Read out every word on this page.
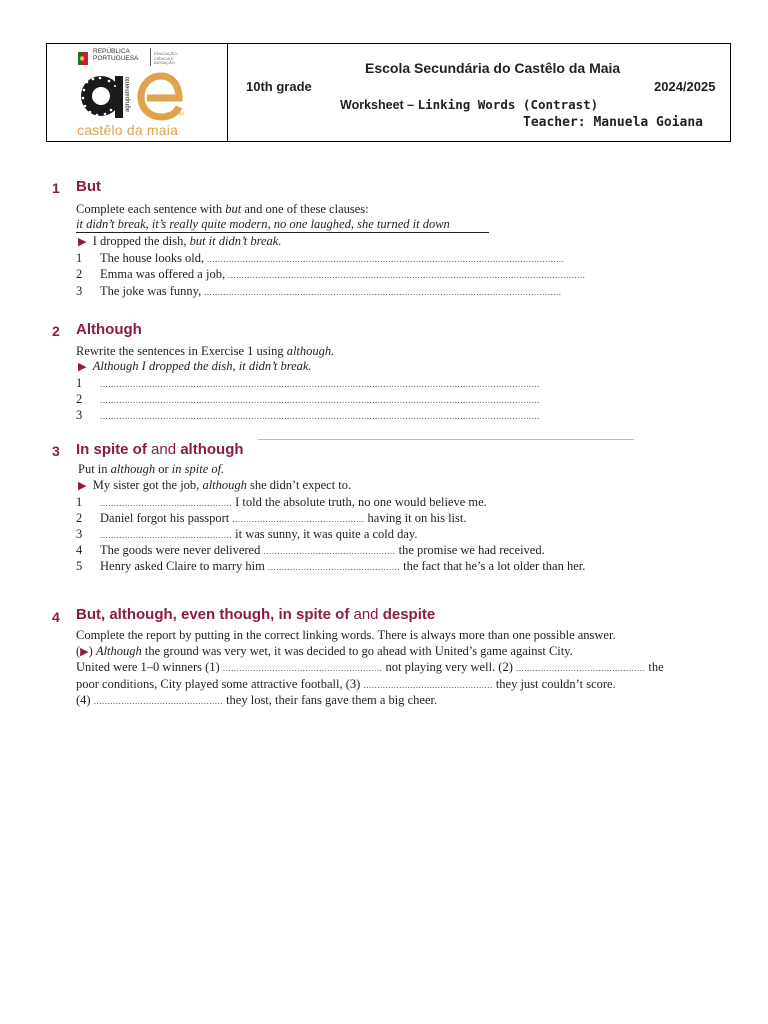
REPÚBLICA
PORTUGUESA
EDUCAÇÃO, CIÊNCIA E INOVAÇÃO
agrupamento
escolas
castêlo da maia
Escola Secundária do Castêlo da Maia
10th grade	2024/2025
Worksheet – Linking Words (Contrast)
Teacher: Manuela Goiana
1 But
Complete each sentence with but and one of these clauses:
it didn’t break, it’s really quite modern, no one laughed, she turned it down
▶ I dropped the dish, but it didn’t break.
1 The house looks old, ..................................................................................................................................
2 Emma was offered a job, ..................................................................................................................................
3 The joke was funny, ..................................................................................................................................
2 Although
Rewrite the sentences in Exercise 1 using although.
▶ Although I dropped the dish, it didn’t break.
1 ................................................................................................................................................................
2 ................................................................................................................................................................
3 ................................................................................................................................................................
3 In spite of and although
Put in although or in spite of.
▶ My sister got the job, although she didn’t expect to.
1 ................................................ I told the absolute truth, no one would believe me.
2 Daniel forgot his passport ................................................ having it on his list.
3 ................................................ it was sunny, it was quite a cold day.
4 The goods were never delivered ................................................ the promise we had received.
5 Henry asked Claire to marry him ................................................ the fact that he’s a lot older than her.
4 But, although, even though, in spite of and despite
Complete the report by putting in the correct linking words. There is always more than one possible answer.
(▶) Although the ground was very wet, it was decided to go ahead with United’s game against City.
United were 1–0 winners (1) .......................................................... not playing very well. (2) ............................................... the
poor conditions, City played some attractive football, (3) ............................................... they just couldn’t score.
(4) ............................................... they lost, their fans gave them a big cheer.
